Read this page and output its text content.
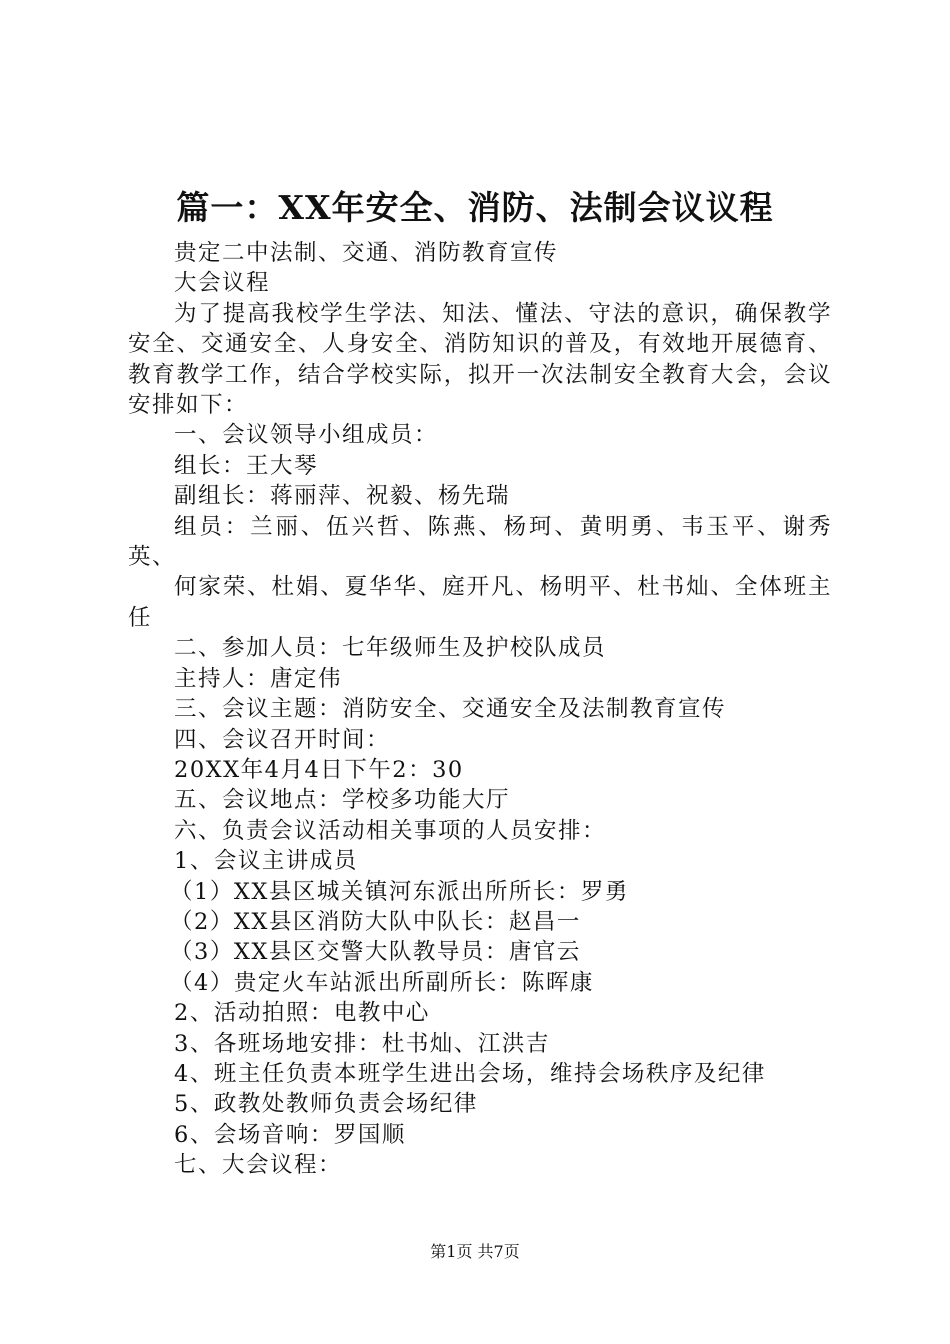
篇一：XX年安全、消防、法制会议议程

贵定二中法制、交通、消防教育宣传

大会议程

为了提高我校学生学法、知法、懂法、守法的意识，确保教学安全、交通安全、人身安全、消防知识的普及，有效地开展德育、教育教学工作，结合学校实际，拟开一次法制安全教育大会，会议安排如下：

一、会议领导小组成员：

组长：王大琴

副组长：蒋丽萍、祝毅、杨先瑞

组员：兰丽、伍兴哲、陈燕、杨珂、黄明勇、韦玉平、谢秀英、

何家荣、杜娟、夏华华、庭开凡、杨明平、杜书灿、全体班主任

二、参加人员：七年级师生及护校队成员

主持人：唐定伟

三、会议主题：消防安全、交通安全及法制教育宣传

四、会议召开时间：

20XX年4月4日下午2：30

五、会议地点：学校多功能大厅

六、负责会议活动相关事项的人员安排：

1、会议主讲成员

（1）XX县区城关镇河东派出所所长：罗勇

（2）XX县区消防大队中队长：赵昌一

（3）XX县区交警大队教导员：唐官云

（4）贵定火车站派出所副所长：陈晖康

2、活动拍照：电教中心

3、各班场地安排：杜书灿、江洪吉

4、班主任负责本班学生进出会场，维持会场秩序及纪律

5、政教处教师负责会场纪律

6、会场音响：罗国顺

七、大会议程：

第1页 共7页
